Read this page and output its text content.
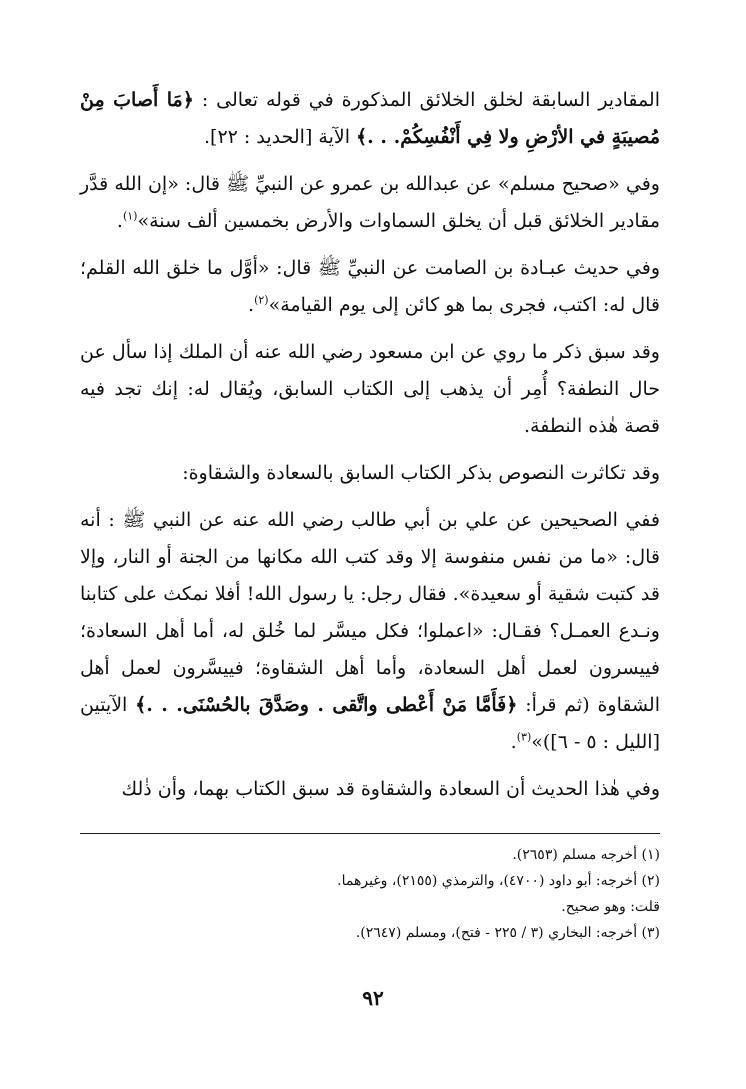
المقادير السابقة لخلق الخلائق المذكورة في قوله تعالى : ﴿مَا أَصابَ مِنْ مُصيبَةٍ في الأرْضِ ولا فِي أَنْفُسِكُمْ. . .﴾ الآية [الحديد : ٢٢].

وفي «صحيح مسلم» عن عبدالله بن عمرو عن النبيِّ ﷺ قال: «إن الله قدَّر مقادير الخلائق قبل أن يخلق السماوات والأرض بخمسين ألف سنة»$^{(١)}$.

وفي حديث عبـادة بن الصامت عن النبيِّ ﷺ قال: «أوَّل ما خلق الله القلم؛ قال له: اكتب، فجرى بما هو كائن إلى يوم القيامة»$^{(٢)}$.

وقد سبق ذكر ما روي عن ابن مسعود رضي الله عنه أن الملك إذا سأل عن حال النطفة؟ أُمِر أن يذهب إلى الكتاب السابق، ويُقال له: إنك تجد فيه قصة هٰذه النطفة.

وقد تكاثرت النصوص بذكر الكتاب السابق بالسعادة والشقاوة:

ففي الصحيحين عن علي بن أبي طالب رضي الله عنه عن النبي ﷺ : أنه قال: «ما من نفس منفوسة إلا وقد كتب الله مكانها من الجنة أو النار، وإلا قد كتبت شقية أو سعيدة». فقال رجل: يا رسول الله! أفلا نمكث على كتابنا ونـدع العمـل؟ فقـال: «اعملوا؛ فكل ميسَّر لما خُلق له، أما أهل السعادة؛ فييسرون لعمل أهل السعادة، وأما أهل الشقاوة؛ فييسَّرون لعمل أهل الشقاوة (ثم قرأ: ﴿فَأَمَّا مَنْ أَعْطى واتَّقى . وصَدَّقَ بالحُسْنَى. . .﴾ الآيتين [الليل : ٥ - ٦])»$^{(٣)}$.

وفي هٰذا الحديث أن السعادة والشقاوة قد سبق الكتاب بهما، وأن ذٰلك

(١) أخرجه مسلم (٢٦٥٣).

(٢) أخرجه: أبو داود (٤٧٠٠)، والترمذي (٢١٥٥)، وغيرهما.

قلت: وهو صحيح.

(٣) أخرجه: البخاري (٣ / ٢٢٥ - فتح)، ومسلم (٢٦٤٧).

٩٢
